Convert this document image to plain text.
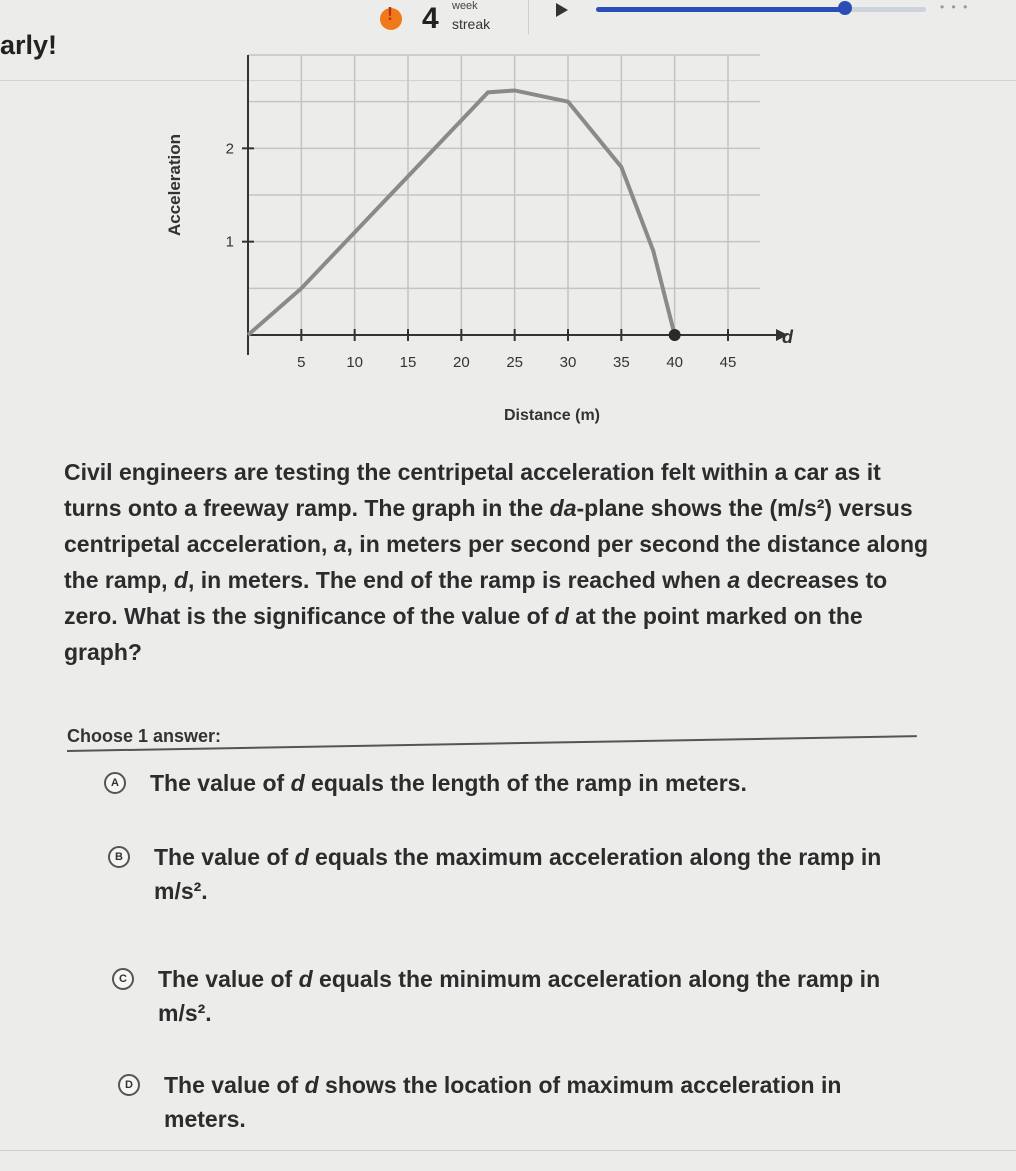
arly!
!
4 week
streak
• • •
5	10 15 20 25 30 35 40 45
1
2
Acceleration
Distance (m)
d
Civil engineers are testing the centripetal acceleration felt within a car as it turns onto a freeway ramp. The graph in the da-plane shows the (m/s²) versus centripetal acceleration, a, in meters per second per second the distance along the ramp, d, in meters. The end of the ramp is reached when a decreases to zero. What is the significance of the value of d at the point marked on the graph?
Choose 1 answer:
A	The value of d equals the length of the ramp in meters.
B	The value of d equals the maximum acceleration along the ramp in m/s².
C	The value of d equals the minimum acceleration along the ramp in m/s².
D	The value of d shows the location of maximum acceleration in meters.
